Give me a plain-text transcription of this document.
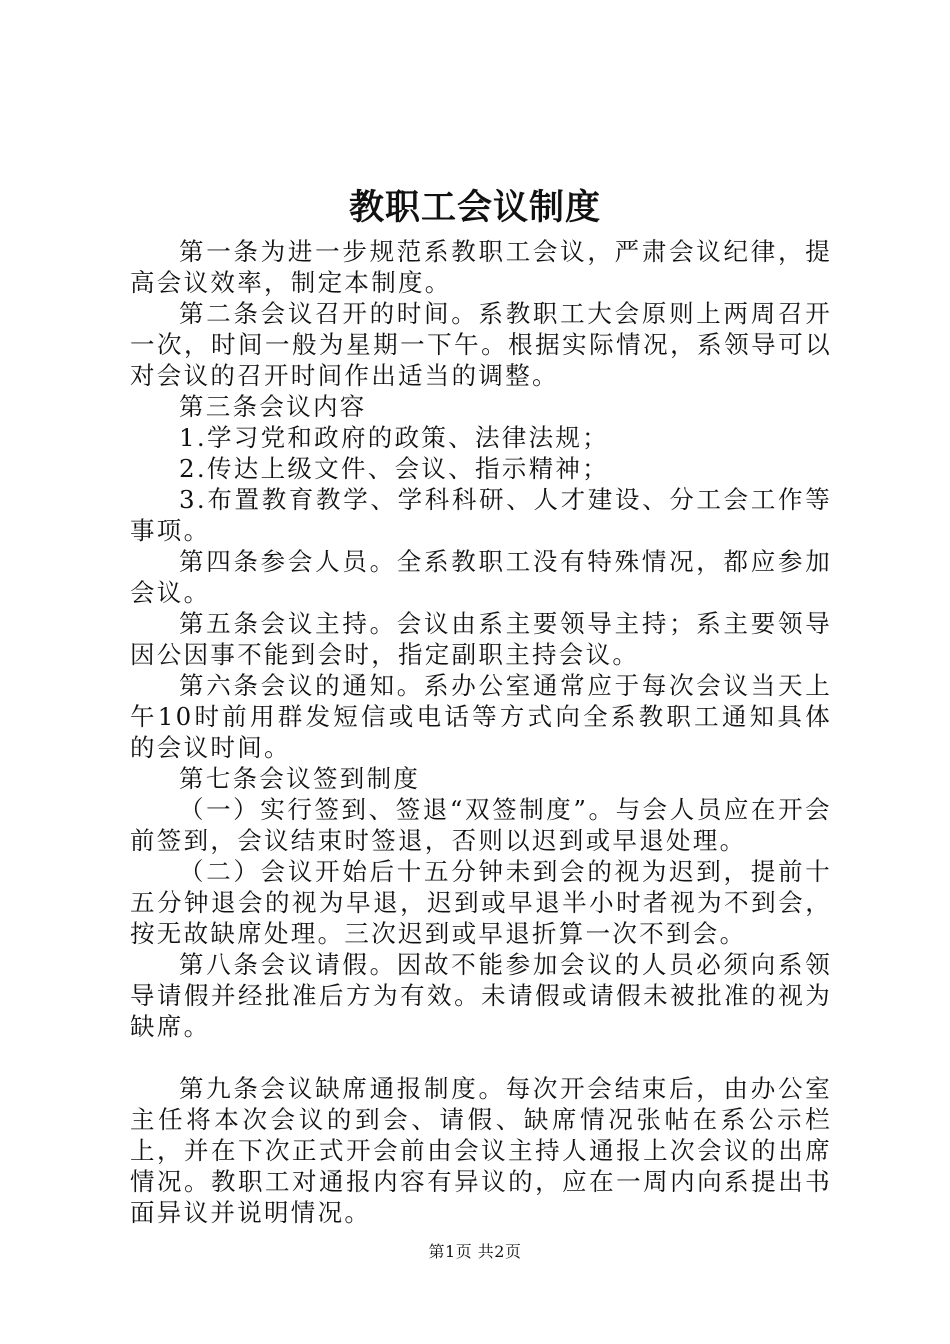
教职工会议制度

第一条为进一步规范系教职工会议，严肃会议纪律，提高会议效率，制定本制度。

第二条会议召开的时间。系教职工大会原则上两周召开一次，时间一般为星期一下午。根据实际情况，系领导可以对会议的召开时间作出适当的调整。

第三条会议内容

1.学习党和政府的政策、法律法规；

2.传达上级文件、会议、指示精神；

3.布置教育教学、学科科研、人才建设、分工会工作等事项。

第四条参会人员。全系教职工没有特殊情况，都应参加会议。

第五条会议主持。会议由系主要领导主持；系主要领导因公因事不能到会时，指定副职主持会议。

第六条会议的通知。系办公室通常应于每次会议当天上午10时前用群发短信或电话等方式向全系教职工通知具体的会议时间。

第七条会议签到制度

（一）实行签到、签退“双签制度”。与会人员应在开会前签到，会议结束时签退，否则以迟到或早退处理。

（二）会议开始后十五分钟未到会的视为迟到，提前十五分钟退会的视为早退，迟到或早退半小时者视为不到会，按无故缺席处理。三次迟到或早退折算一次不到会。

第八条会议请假。因故不能参加会议的人员必须向系领导请假并经批准后方为有效。未请假或请假未被批准的视为缺席。

第九条会议缺席通报制度。每次开会结束后，由办公室主任将本次会议的到会、请假、缺席情况张帖在系公示栏上，并在下次正式开会前由会议主持人通报上次会议的出席情况。教职工对通报内容有异议的，应在一周内向系提出书面异议并说明情况。

第1页 共2页
